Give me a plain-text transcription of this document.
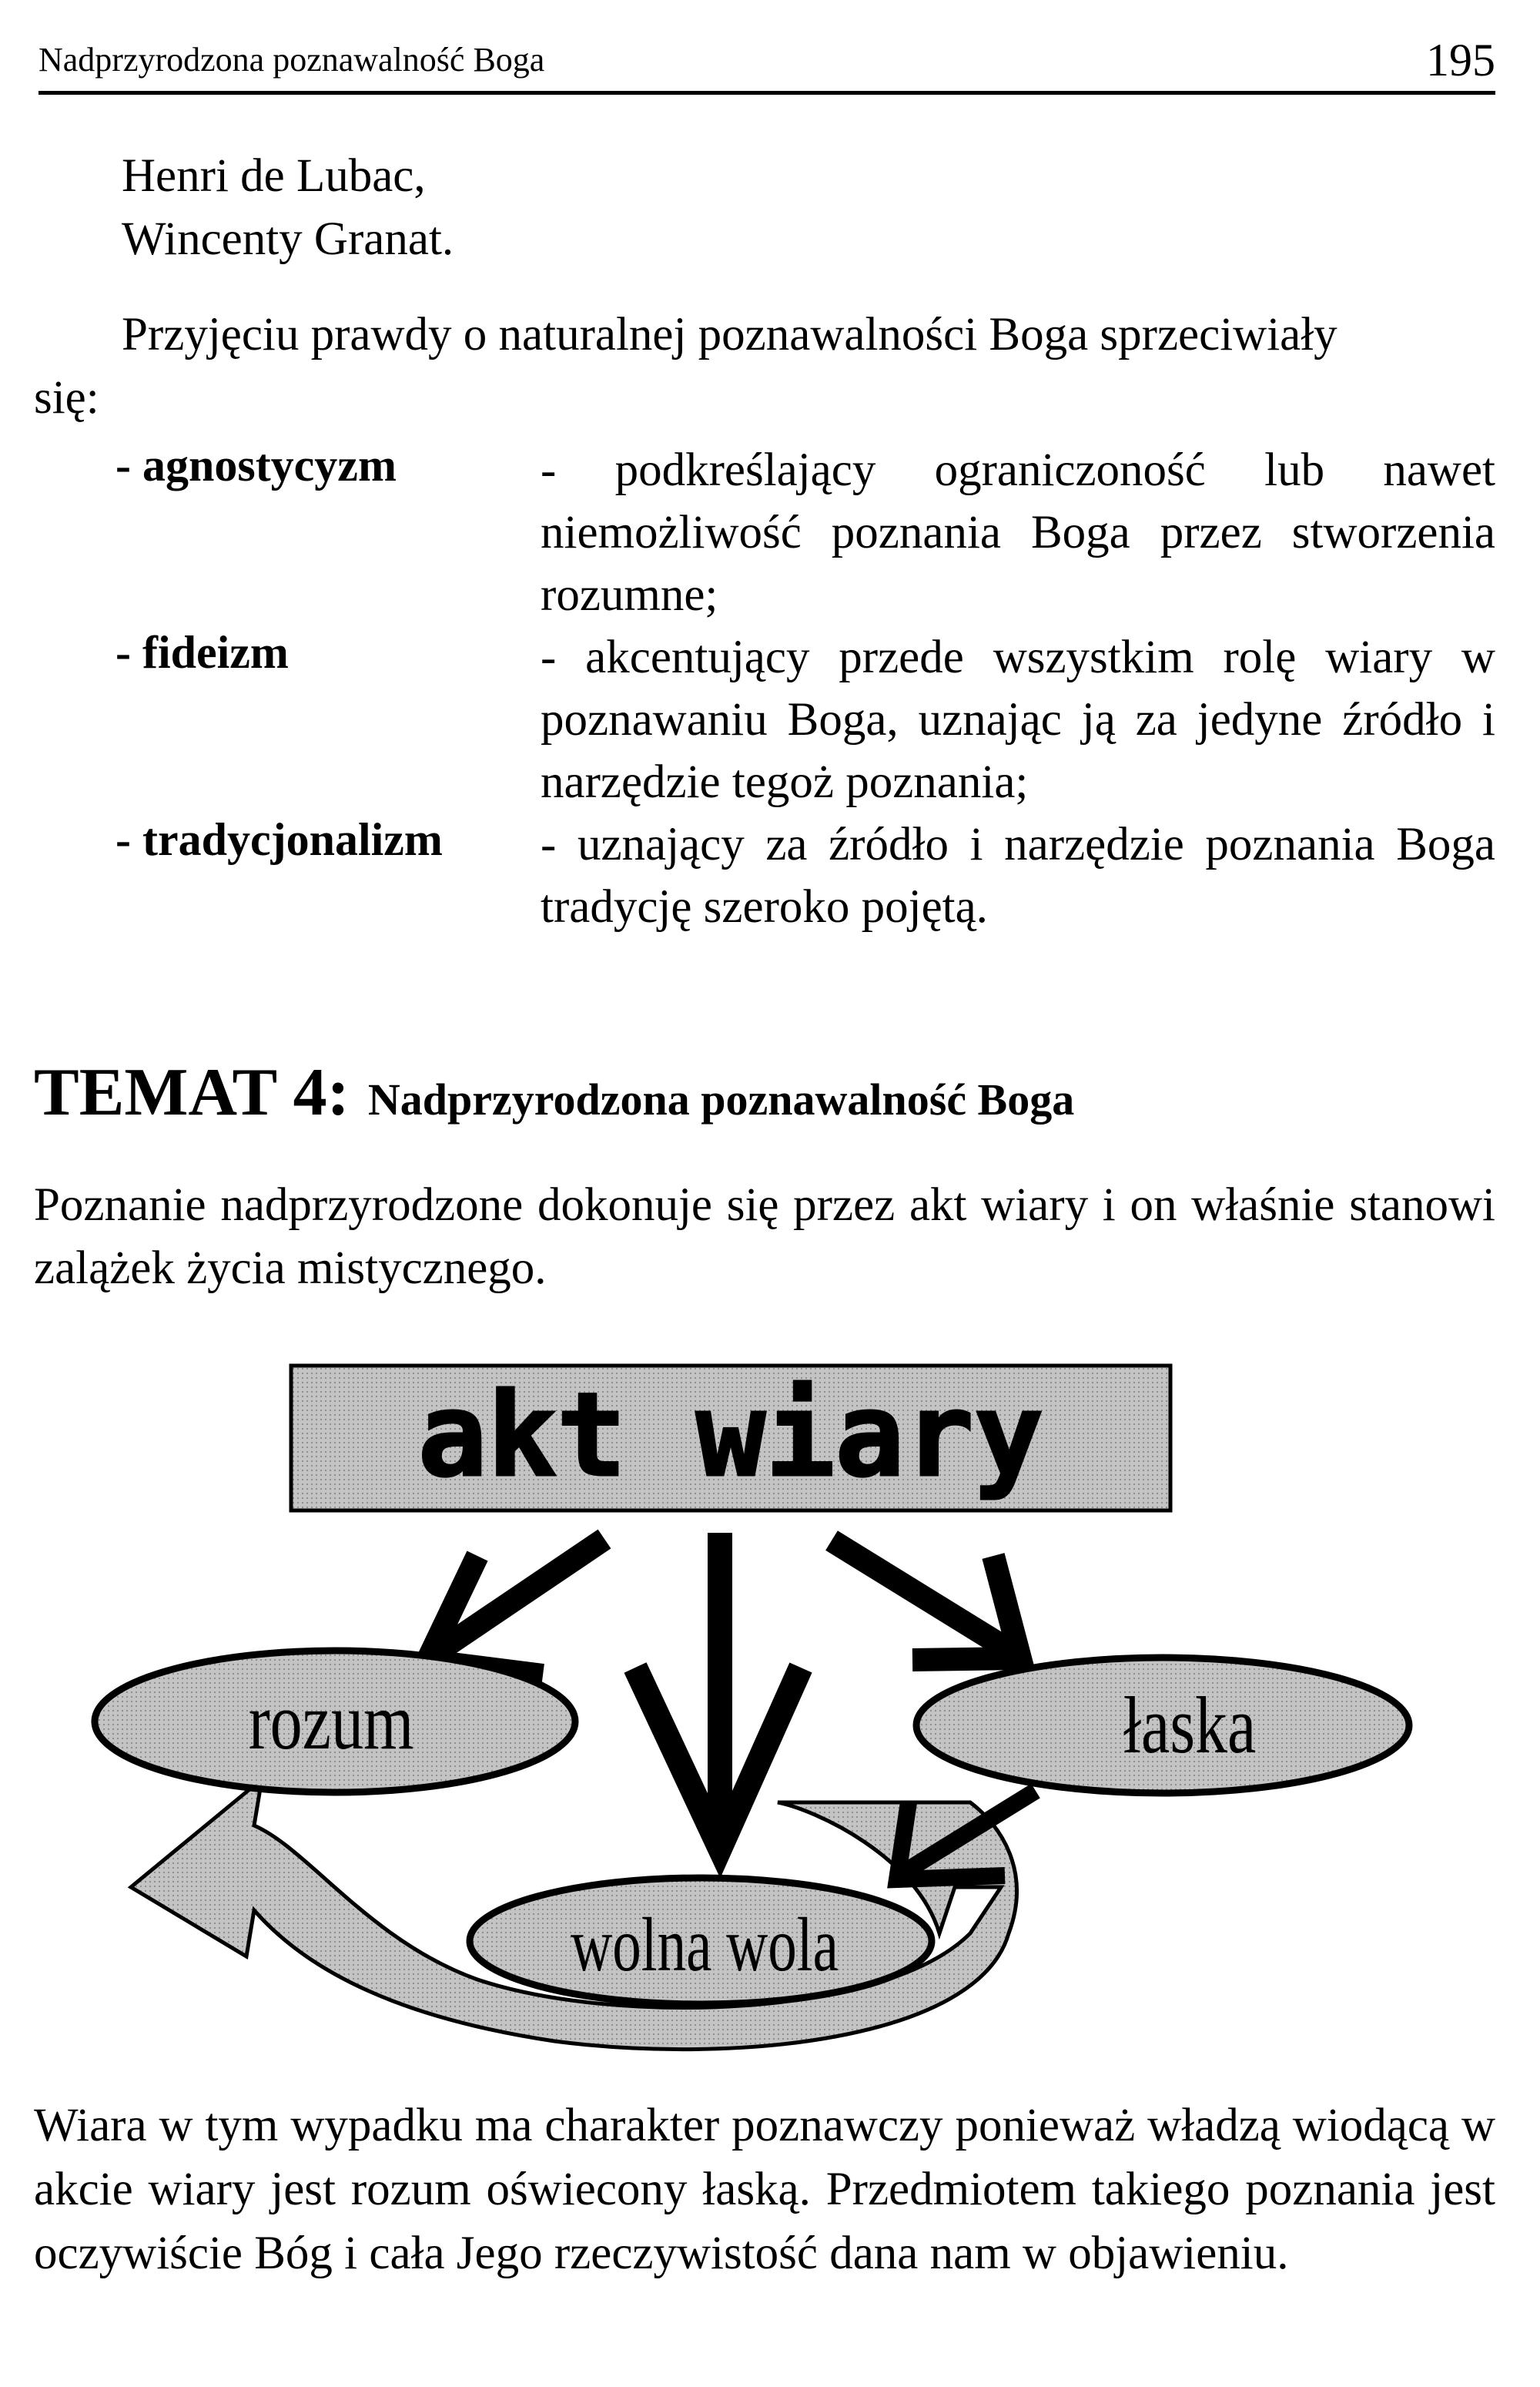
Nadprzyrodzona poznawalność Boga	195
Henri de Lubac,
Wincenty Granat.
Przyjęciu prawdy o naturalnej poznawalności Boga sprzeciwiały
się:
- agnostycyzm	- podkreślający ograniczoność lub nawet niemożliwość poznania Boga przez stworzenia rozumne;
- fideizm	- akcentujący przede wszystkim rolę wiary w poznawaniu Boga, uznając ją za jedyne źródło i narzędzie tegoż poznania;
- tradycjonalizm - uznający za źródło i narzędzie poznania Boga tradycję szeroko pojętą.
TEMAT 4: Nadprzyrodzona poznawalność Boga
Poznanie nadprzyrodzone dokonuje się przez akt wiary i on właśnie stanowi zalążek życia mistycznego.
akt wiary
rozum	łaska
wolna wola
Wiara w tym wypadku ma charakter poznawczy ponieważ władzą wiodącą w akcie wiary jest rozum oświecony łaską. Przedmiotem takiego poznania jest oczywiście Bóg i cała Jego rzeczywistość dana nam w objawieniu.
